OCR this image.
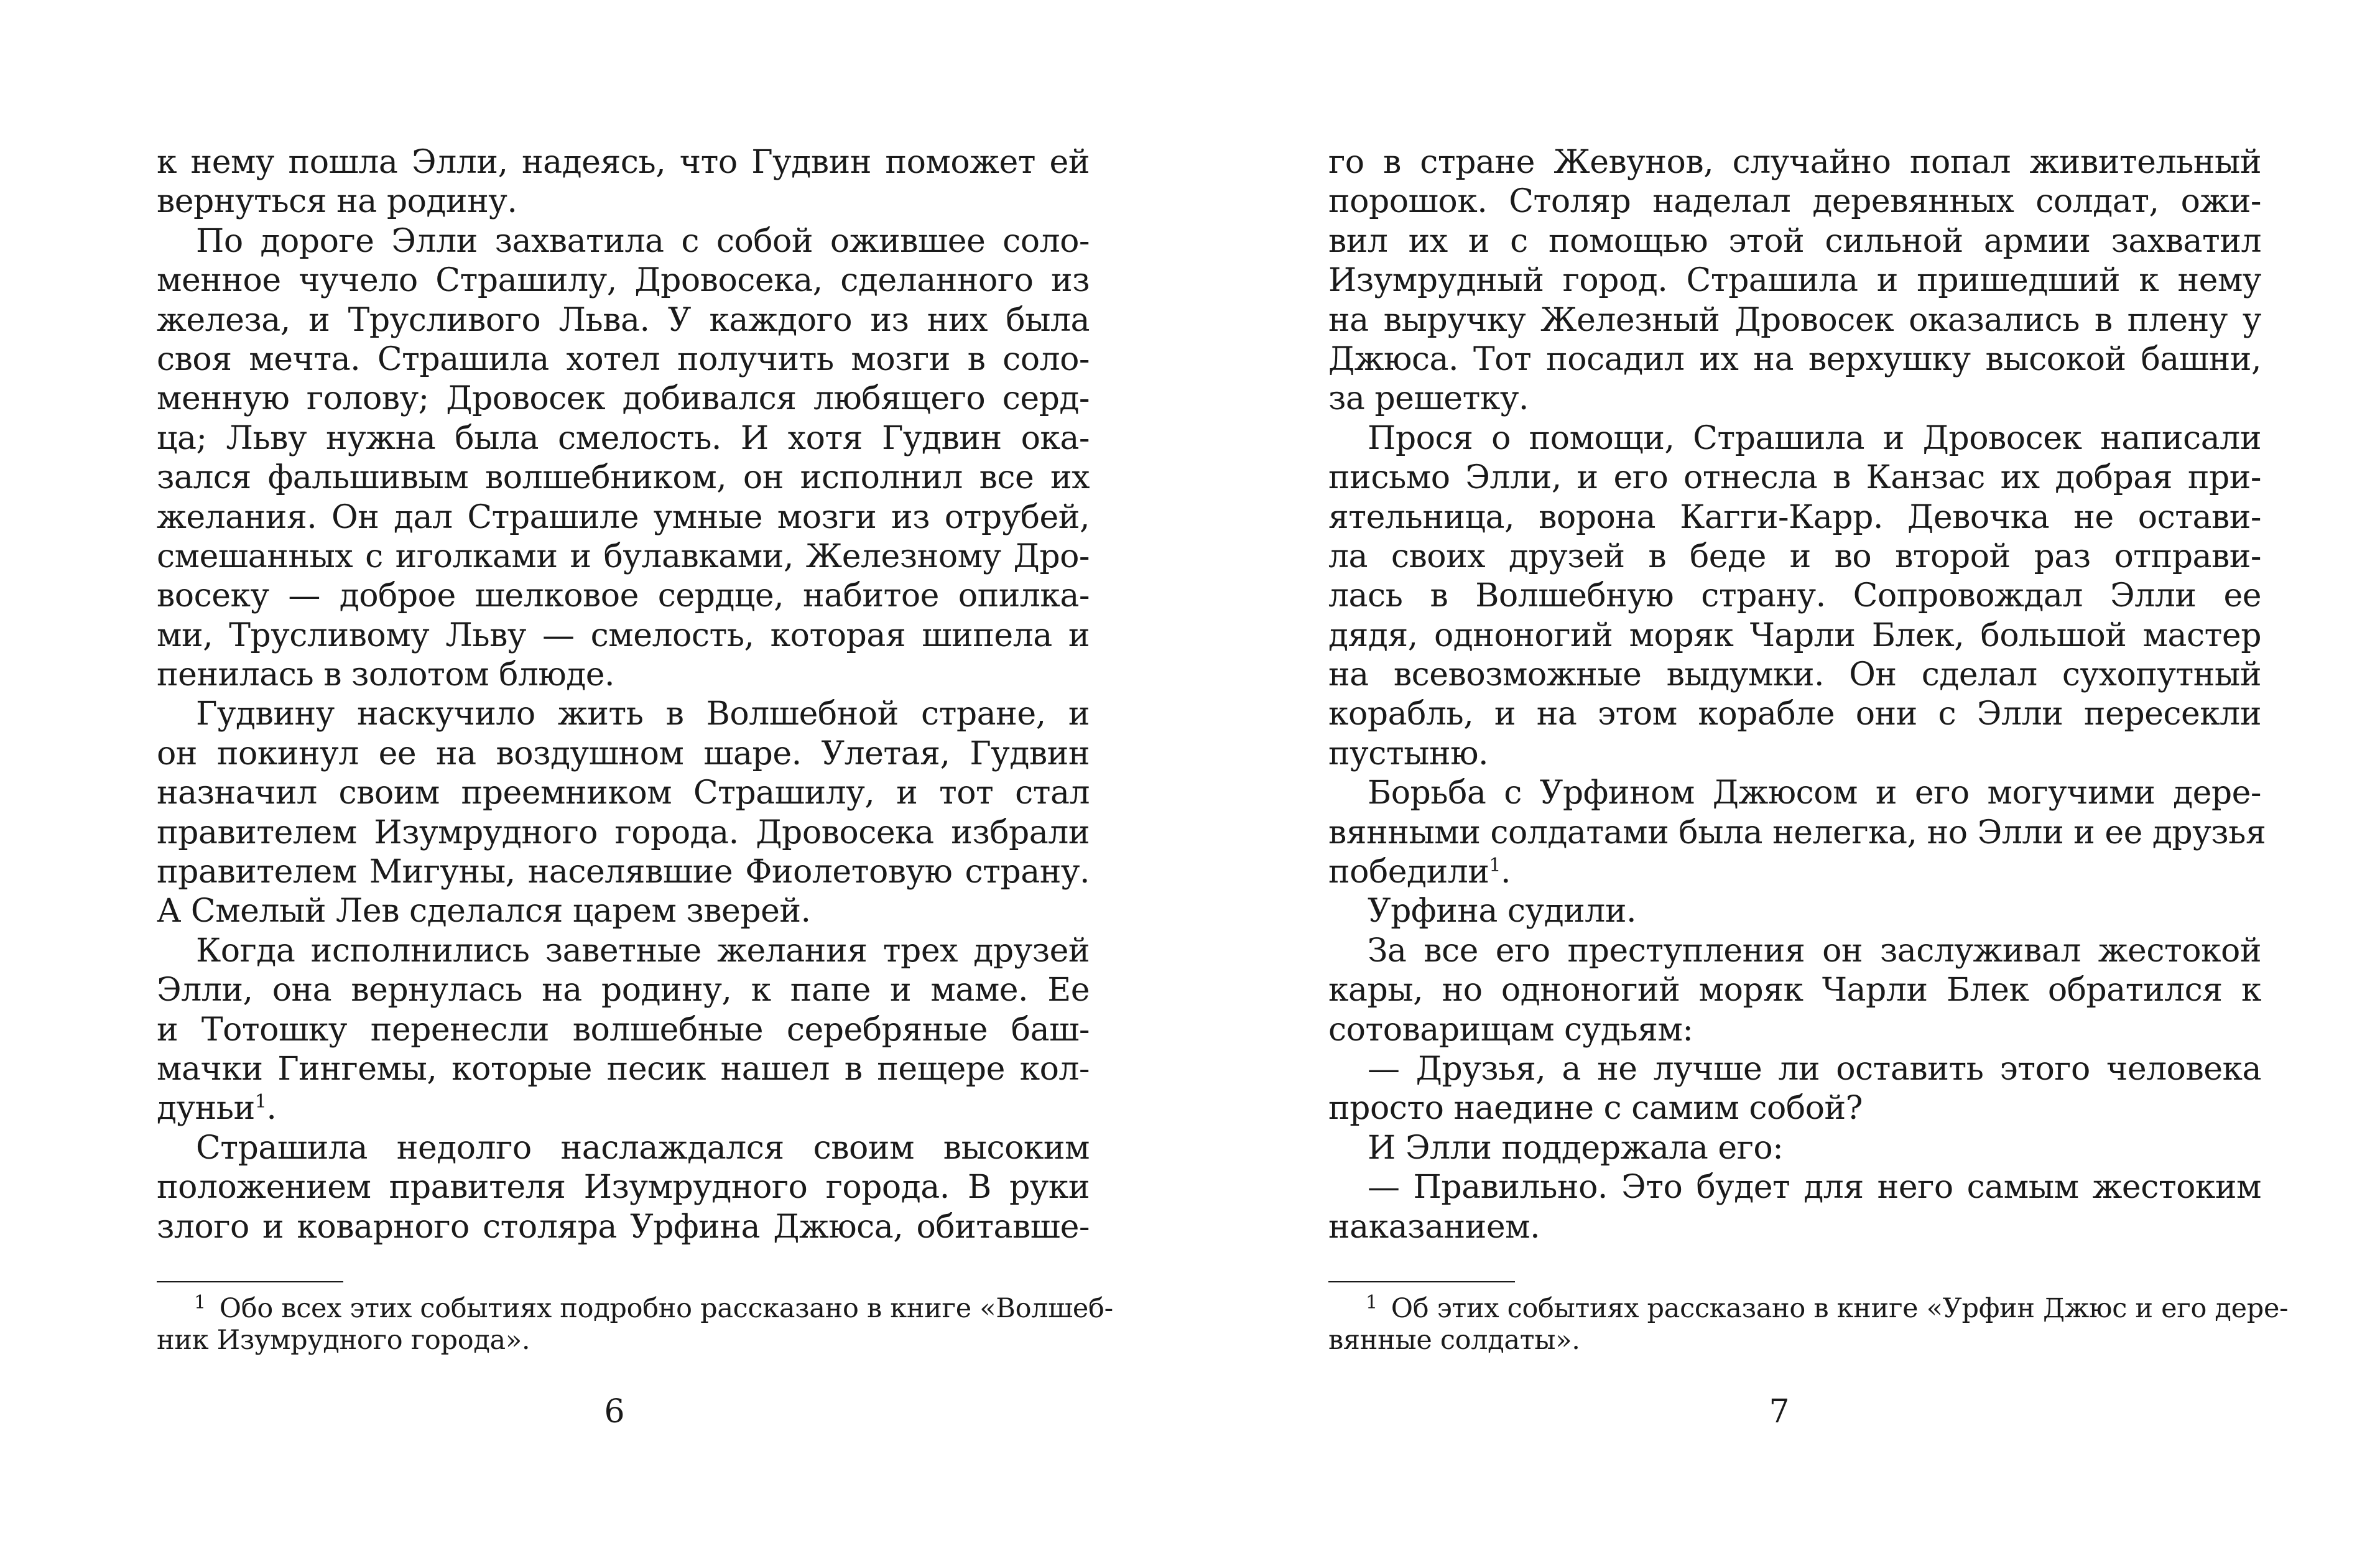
к нему пошла Элли, надеясь, что Гудвин поможет ей
вернуться на родину.
По дороге Элли захватила с собой ожившее соло-
менное чучело Страшилу, Дровосека, сделанного из
железа, и Трусливого Льва. У каждого из них была
своя мечта. Страшила хотел получить мозги в соло-
менную голову; Дровосек добивался любящего серд-
ца; Льву нужна была смелость. И хотя Гудвин ока-
зался фальшивым волшебником, он исполнил все их
желания. Он дал Страшиле умные мозги из отрубей,
смешанных с иголками и булавками, Железному Дро-
восеку — доброе шелковое сердце, набитое опилка-
ми, Трусливому Льву — смелость, которая шипела и
пенилась в золотом блюде.
Гудвину наскучило жить в Волшебной стране, и
он покинул ее на воздушном шаре. Улетая, Гудвин
назначил своим преемником Страшилу, и тот стал
правителем Изумрудного города. Дровосека избрали
правителем Мигуны, населявшие Фиолетовую страну.
А Смелый Лев сделался царем зверей.
Когда исполнились заветные желания трех друзей
Элли, она вернулась на родину, к папе и маме. Ее
и Тотошку перенесли волшебные серебряные баш-
мачки Гингемы, которые песик нашел в пещере кол-
дуньи$^1$.
Страшила недолго наслаждался своим высоким
положением правителя Изумрудного города. В руки
злого и коварного столяра Урфина Джюса, обитавше-
$^1$ Обо всех этих событиях подробно рассказано в книге «Волшеб-
ник Изумрудного города».
6
го в стране Жевунов, случайно попал живительный
порошок. Столяр наделал деревянных солдат, ожи-
вил их и с помощью этой сильной армии захватил
Изумрудный город. Страшила и пришедший к нему
на выручку Железный Дровосек оказались в плену у
Джюса. Тот посадил их на верхушку высокой башни,
за решетку.
Прося о помощи, Страшила и Дровосек написали
письмо Элли, и его отнесла в Канзас их добрая при-
ятельница, ворона Кагги-Карр. Девочка не остави-
ла своих друзей в беде и во второй раз отправи-
лась в Волшебную страну. Сопровождал Элли ее
дядя, одноногий моряк Чарли Блек, большой мастер
на всевозможные выдумки. Он сделал сухопутный
корабль, и на этом корабле они с Элли пересекли
пустыню.
Борьба с Урфином Джюсом и его могучими дере-
вянными солдатами была нелегка, но Элли и ее друзья
победили$^1$.
Урфина судили.
За все его преступления он заслуживал жестокой
кары, но одноногий моряк Чарли Блек обратился к
сотоварищам судьям:
— Друзья, а не лучше ли оставить этого человека
просто наедине с самим собой?
И Элли поддержала его:
— Правильно. Это будет для него самым жестоким
наказанием.
$^1$ Об этих событиях рассказано в книге «Урфин Джюс и его дере-
вянные солдаты».
7
